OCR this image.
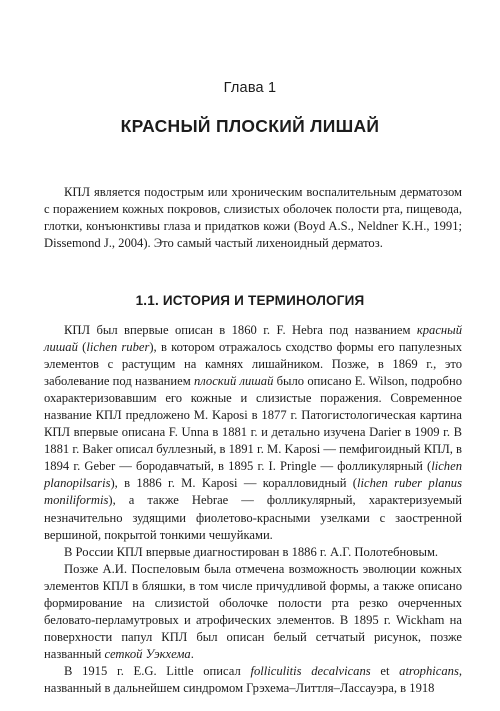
Глава 1
КРАСНЫЙ ПЛОСКИЙ ЛИШАЙ

КПЛ является подострым или хроническим воспалительным дерматозом с поражением кожных покровов, слизистых оболочек полости рта, пищевода, глотки, конъюнктивы глаза и придатков кожи (Boyd A.S., Neldner K.H., 1991; Dissemond J., 2004). Это самый частый лихеноидный дерматоз.

1.1. ИСТОРИЯ И ТЕРМИНОЛОГИЯ

КПЛ был впервые описан в 1860 г. F. Hebra под названием красный лишай (lichen ruber), в котором отражалось сходство формы его папулезных элементов с растущим на камнях лишайником. Позже, в 1869 г., это заболевание под названием плоский лишай было описано E. Wilson, подробно охарактеризовавшим его кожные и слизистые поражения. Современное название КПЛ предложено M. Kaposi в 1877 г. Патогистологическая картина КПЛ впервые описана F. Unna в 1881 г. и детально изучена Darier в 1909 г. В 1881 г. Baker описал буллезный, в 1891 г. M. Kaposi — пемфигоидный КПЛ, в 1894 г. Geber — бородавчатый, в 1895 г. I. Pringle — фолликулярный (lichen planopilsaris), в 1886 г. M. Kaposi — коралловидный (lichen ruber planus moniliformis), а также Hebrae — фолликулярный, характеризуемый незначительно зудящими фиолетово-красными узелками с заостренной вершиной, покрытой тонкими чешуйками.

В России КПЛ впервые диагностирован в 1886 г. А.Г. Полотебновым.

Позже А.И. Поспеловым была отмечена возможность эволюции кожных элементов КПЛ в бляшки, в том числе причудливой формы, а также описано формирование на слизистой оболочке полости рта резко очерченных беловато-перламутровых и атрофических элементов. В 1895 г. Wickham на поверхности папул КПЛ был описан белый сетчатый рисунок, позже названный сеткой Уэкхема.

В 1915 г. E.G. Little описал folliculitis decalvicans et atrophicans, названный в дальнейшем синдромом Грэхема–Литтля–Лассауэра, в 1918
